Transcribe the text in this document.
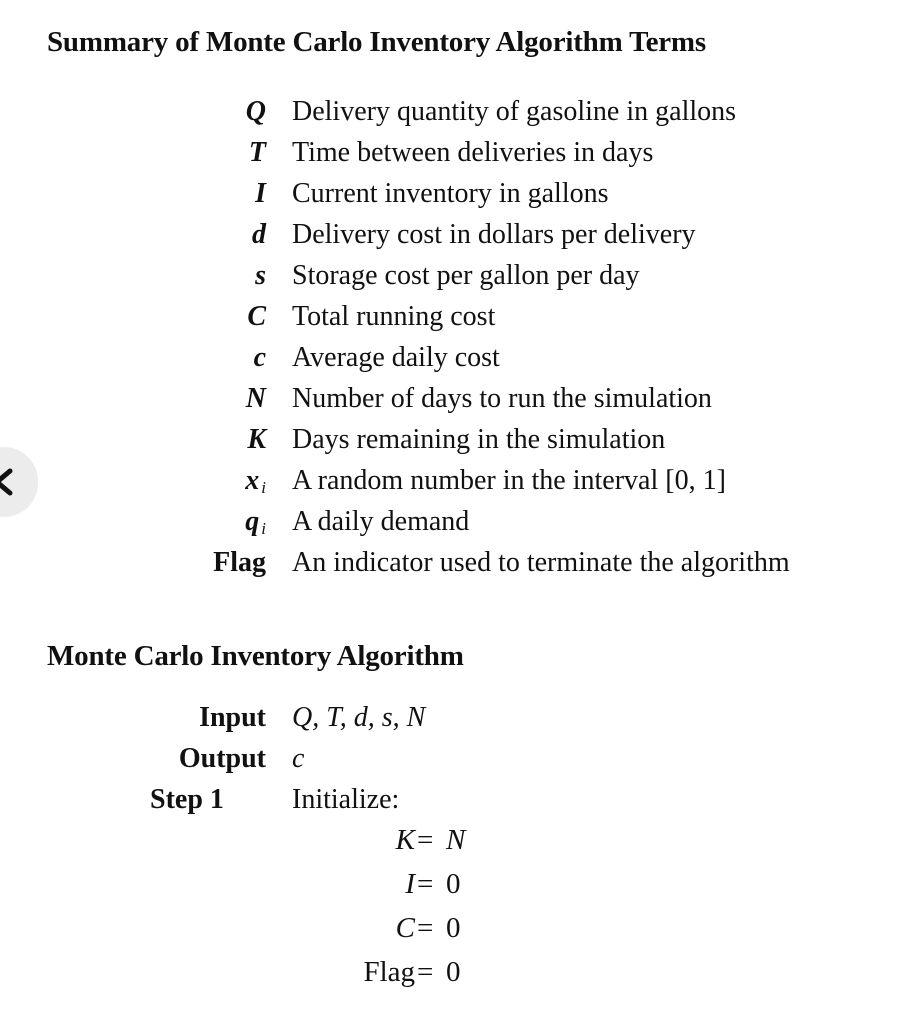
Summary of Monte Carlo Inventory Algorithm Terms
Q Delivery quantity of gasoline in gallons
T Time between deliveries in days
I Current inventory in gallons
d Delivery cost in dollars per delivery
s Storage cost per gallon per day
C Total running cost
c Average daily cost
N Number of days to run the simulation
K Days remaining in the simulation
x $_i$ A random number in the interval [0, 1]
q $_i$ A daily demand
Flag An indicator used to terminate the algorithm
Monte Carlo Inventory Algorithm
Input Q, T, d, s, N
Output c
Step 1	Initialize:
K = N
I = 0
C = 0
Flag = 0
